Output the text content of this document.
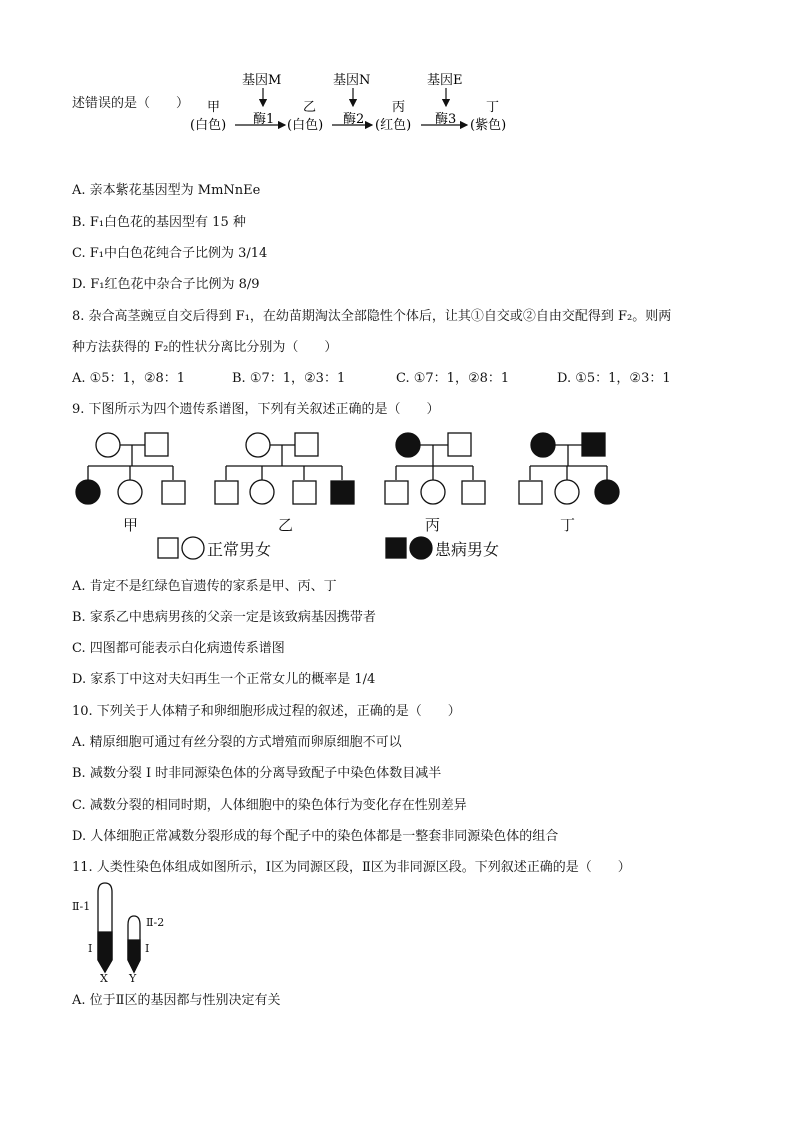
述错误的是（　　）
基因M	基因N	基因E
甲
(白色)
乙
(白色)
丙
(红色)
丁
(紫色)
酶1	酶2	酶3
A. 亲本紫花基因型为 MmNnEe
B. F₁白色花的基因型有 15 种
C. F₁中白色花纯合子比例为 3/14
D. F₁红色花中杂合子比例为 8/9
8. 杂合高茎豌豆自交后得到 F₁，在幼苗期淘汰全部隐性个体后，让其①自交或②自由交配得到 F₂。则两
种方法获得的 F₂的性状分离比分别为（　　）
A. ①5：1，②8：1	B. ①7：1，②3：1	C. ①7：1，②8：1	D. ①5：1，②3：1
9. 下图所示为四个遗传系谱图，下列有关叙述正确的是（　　）
甲	乙	丙	丁
正常男女	患病男女
A. 肯定不是红绿色盲遗传的家系是甲、丙、丁
B. 家系乙中患病男孩的父亲一定是该致病基因携带者
C. 四图都可能表示白化病遗传系谱图
D. 家系丁中这对夫妇再生一个正常女儿的概率是 1/4
10. 下列关于人体精子和卵细胞形成过程的叙述，正确的是（　　）
A. 精原细胞可通过有丝分裂的方式增殖而卵原细胞不可以
B. 减数分裂 I 时非同源染色体的分离导致配子中染色体数目减半
C. 减数分裂的相同时期，人体细胞中的染色体行为变化存在性别差异
D. 人体细胞正常减数分裂形成的每个配子中的染色体都是一整套非同源染色体的组合
11. 人类性染色体组成如图所示，Ⅰ区为同源区段，Ⅱ区为非同源区段。下列叙述正确的是（　　）
Ⅱ-1
Ⅱ-2
Ⅰ	Ⅰ
X Y
A. 位于Ⅱ区的基因都与性别决定有关
